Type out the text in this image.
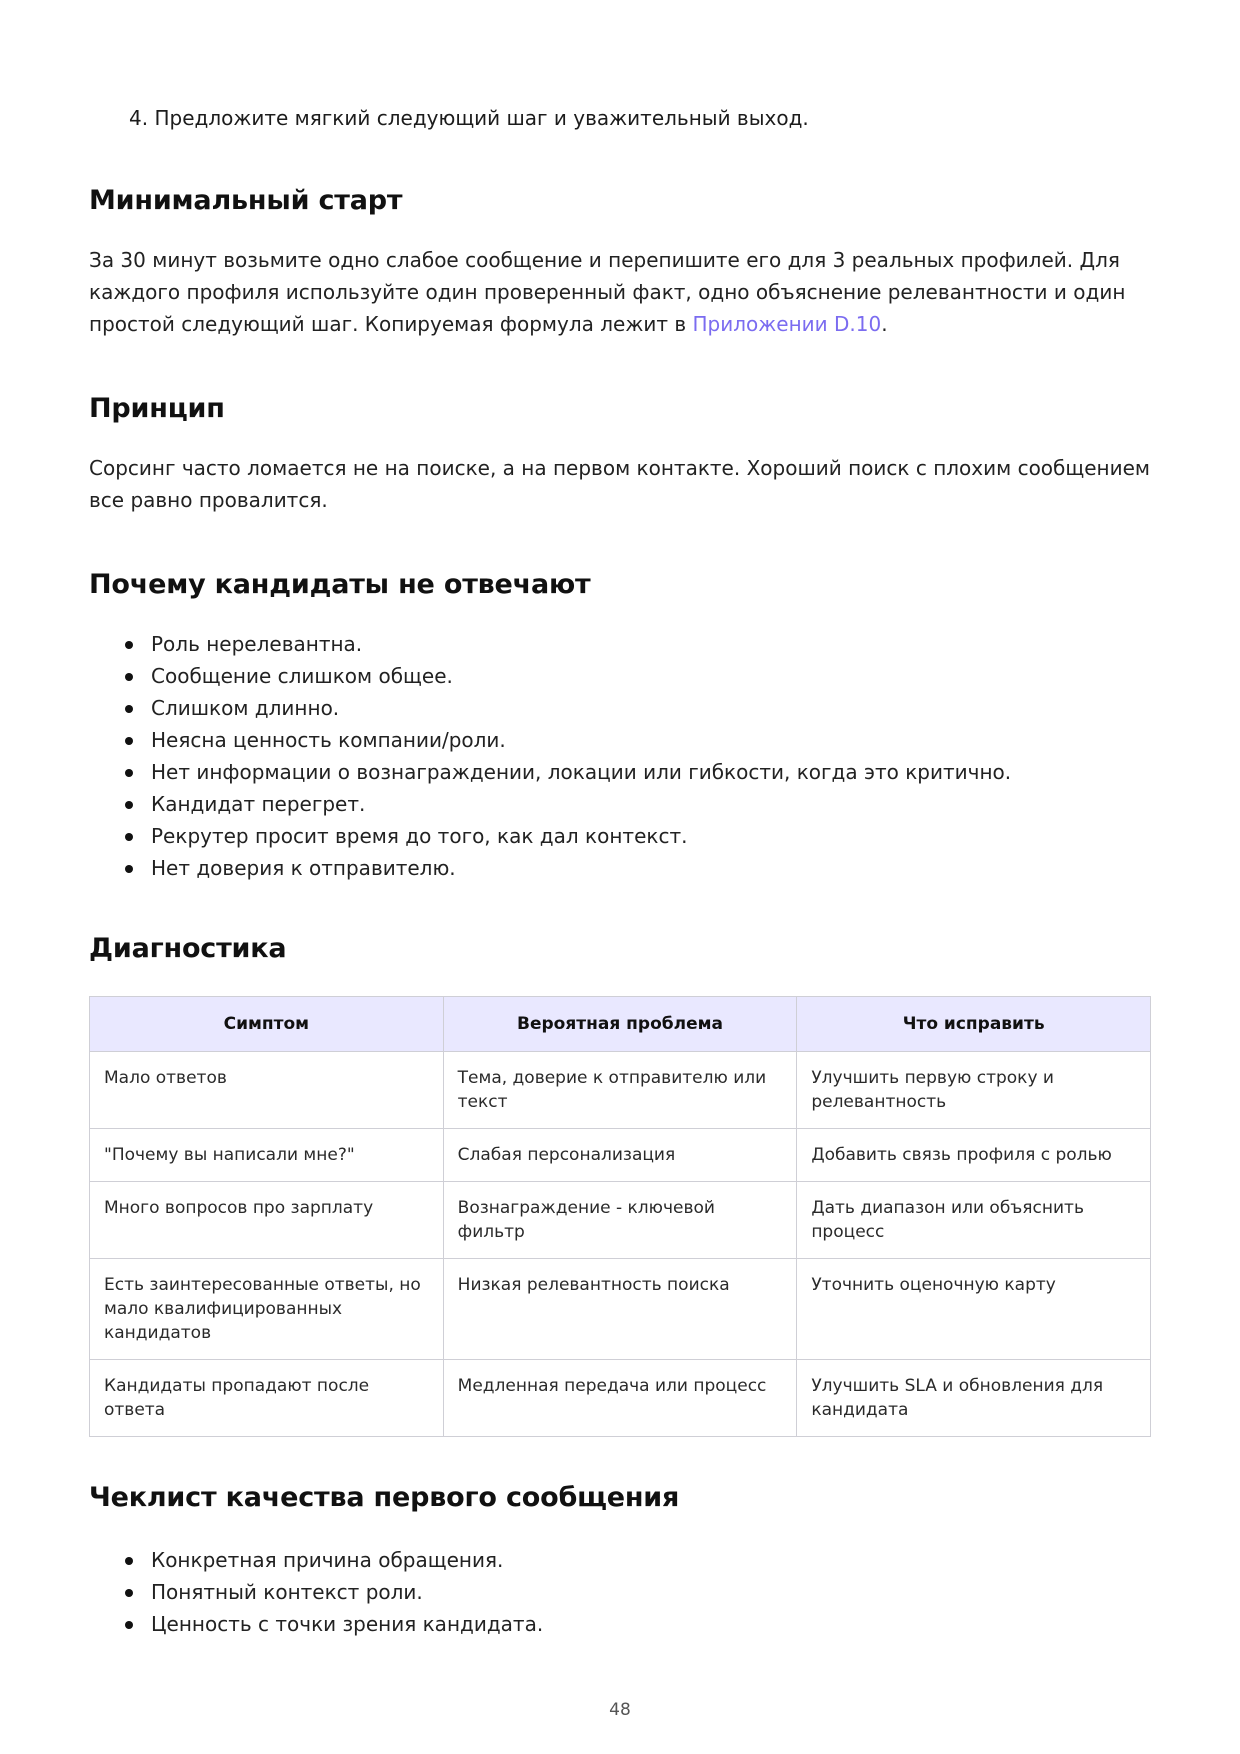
4. Предложите мягкий следующий шаг и уважительный выход.
Минимальный старт

За 30 минут возьмите одно слабое сообщение и перепишите его для 3 реальных профилей. Для каждого профиля используйте один проверенный факт, одно объяснение релевантности и один простой следующий шаг. Копируемая формула лежит в Приложении D.10.

Принцип

Сорсинг часто ломается не на поиске, а на первом контакте. Хороший поиск с плохим сообщением все равно провалится.

Почему кандидаты не отвечают
Роль нерелевантна.
Сообщение слишком общее.
Слишком длинно.
Неясна ценность компании/роли.
Нет информации о вознаграждении, локации или гибкости, когда это критично.
Кандидат перегрет.
Рекрутер просит время до того, как дал контекст.
Нет доверия к отправителю.
Диагностика
Симптом	Вероятная проблема	Что исправить
Мало ответов	Тема, доверие к отправителю или текст	Улучшить первую строку и релевантность
"Почему вы написали мне?"	Слабая персонализация	Добавить связь профиля с ролью
Много вопросов про зарплату	Вознаграждение - ключевой фильтр	Дать диапазон или объяснить процесс
Есть заинтересованные ответы, но мало квалифицированных кандидатов	Низкая релевантность поиска	Уточнить оценочную карту
Кандидаты пропадают после ответа	Медленная передача или процесс	Улучшить SLA и обновления для кандидата
Чеклист качества первого сообщения
Конкретная причина обращения.
Понятный контекст роли.
Ценность с точки зрения кандидата.
48
